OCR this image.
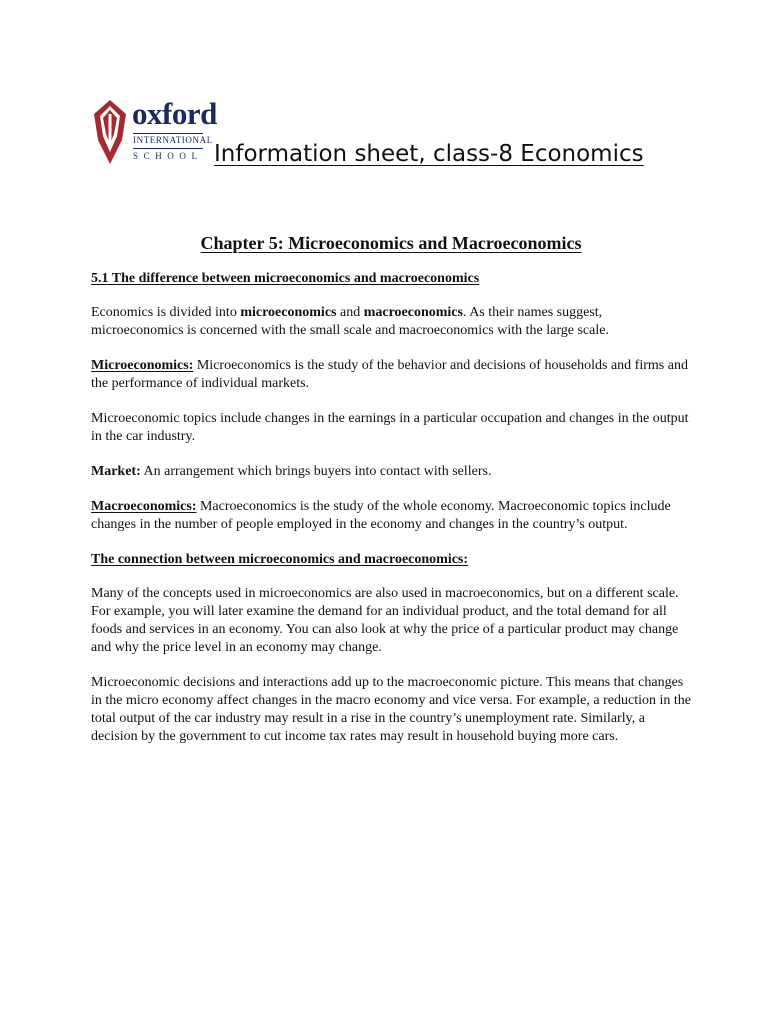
oxford
INTERNATIONAL
SCHOOL Information sheet, class-8 Economics
Chapter 5: Microeconomics and Macroeconomics
5.1 The difference between microeconomics and macroeconomics

Economics is divided into microeconomics and macroeconomics. As their names suggest, microeconomics is concerned with the small scale and macroeconomics with the large scale.

Microeconomics: Microeconomics is the study of the behavior and decisions of households and firms and the performance of individual markets.

Microeconomic topics include changes in the earnings in a particular occupation and changes in the output in the car industry.

Market: An arrangement which brings buyers into contact with sellers.

Macroeconomics: Macroeconomics is the study of the whole economy. Macroeconomic topics include changes in the number of people employed in the economy and changes in the country’s output.

The connection between microeconomics and macroeconomics:

Many of the concepts used in microeconomics are also used in macroeconomics, but on a different scale. For example, you will later examine the demand for an individual product, and the total demand for all foods and services in an economy. You can also look at why the price of a particular product may change and why the price level in an economy may change.

Microeconomic decisions and interactions add up to the macroeconomic picture. This means that changes in the micro economy affect changes in the macro economy and vice versa. For example, a reduction in the total output of the car industry may result in a rise in the country’s unemployment rate. Similarly, a decision by the government to cut income tax rates may result in household buying more cars.
